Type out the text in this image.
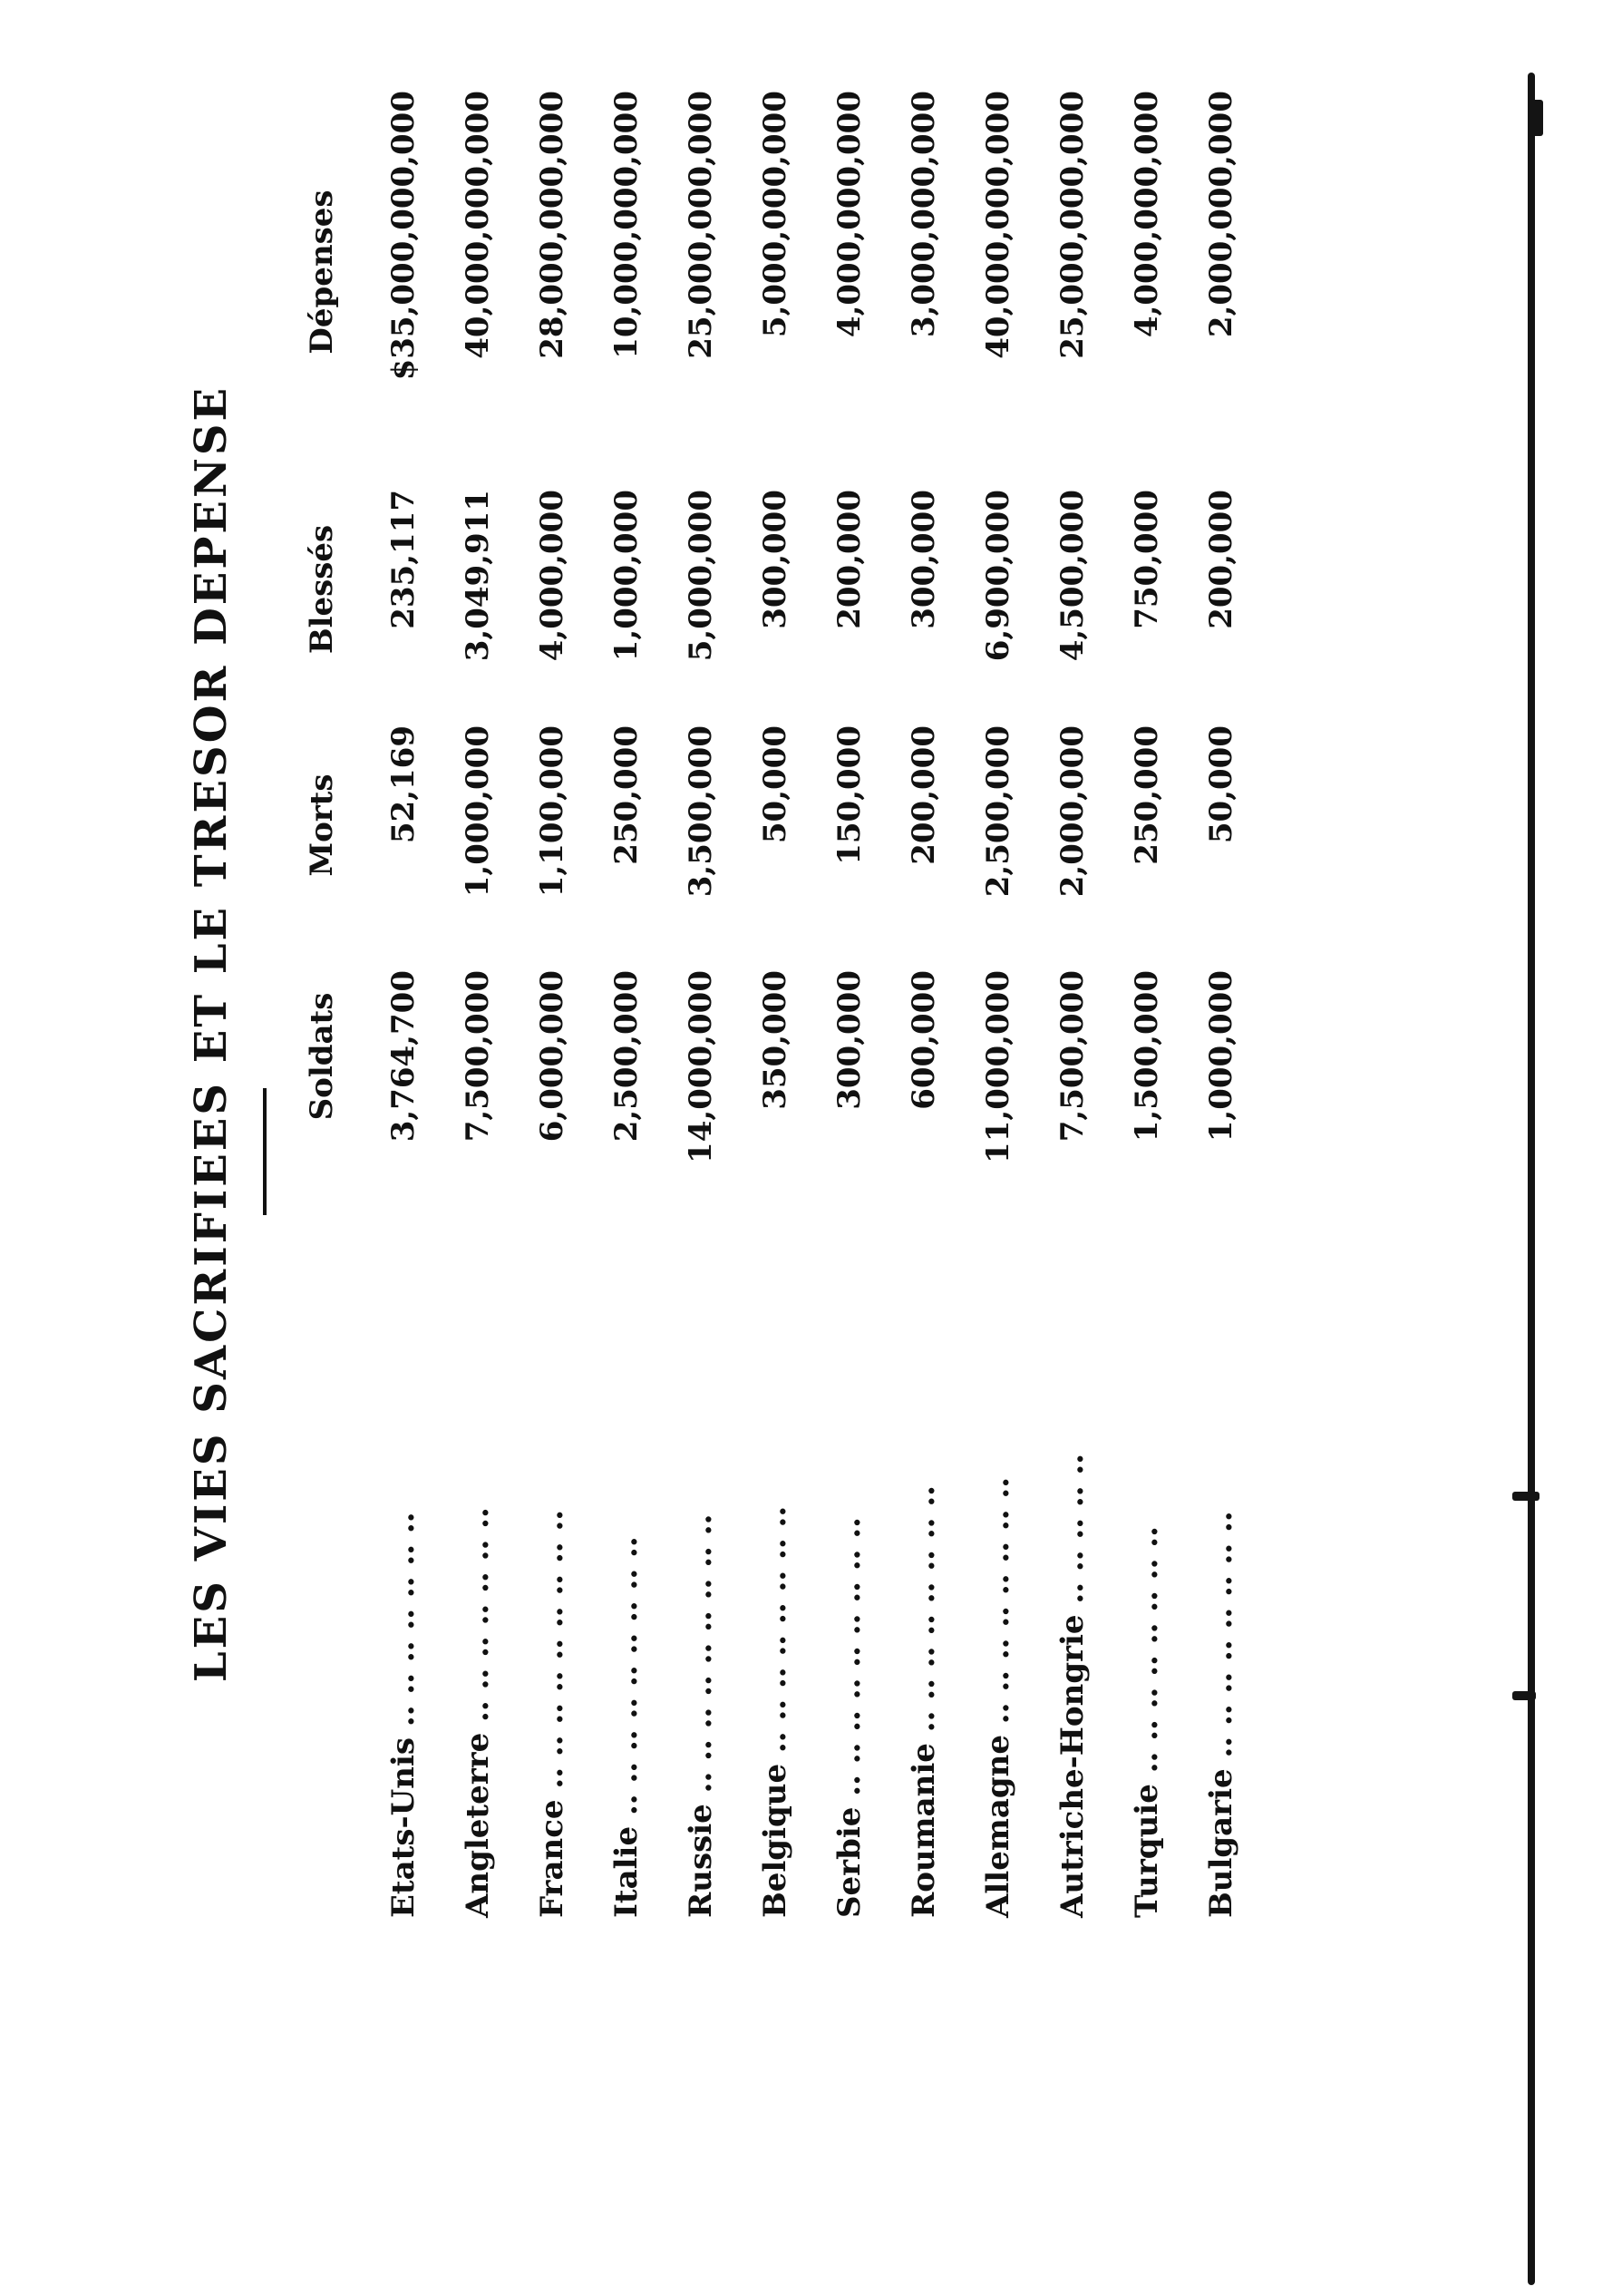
LES VIES SACRIFIEES ET LE TRESOR DEPENSE Soldats
Morts
Blessés
Dépenses
Etats-Unis .. .. .. .. .. .. ..
3,764,700
52,169
235,117
$35,000,000,000
Angleterre .. .. .. .. .. .. ..
7,500,000
1,000,000
3,049,911
40,000,000,000
France .. .. .. .. .. .. .. .. ..
6,000,000
1,100,000
4,000,000
28,000,000,000
Italie .. .. .. .. .. .. .. .. ..
2,500,000
250,000
1,000,000
10,000,000,000
Russie .. .. .. .. .. .. .. .. ..
14,000,000
3,500,000
5,000,000
25,000,000,000
Belgique .. .. .. .. .. .. .. ..
350,000
50,000
300,000
5,000,000,000
Serbie .. .. .. .. .. .. .. .. ..
300,000
150,000
200,000
4,000,000,000
Roumanie .. .. .. .. .. .. .. ..
600,000
200,000
300,000
3,000,000,000
Allemagne .. .. .. .. .. .. .. ..
11,000,000
2,500,000
6,900,000
40,000,000,000
Autriche-Hongrie .. .. .. .. ..
7,500,000
2,000,000
4,500,000
25,000,000,000
Turquie .. .. .. .. .. .. .. ..
1,500,000
250,000
750,000
4,000,000,000
Bulgarie .. .. .. .. .. .. .. ..
1,000,000
50,000
200,000
2,000,000,000
